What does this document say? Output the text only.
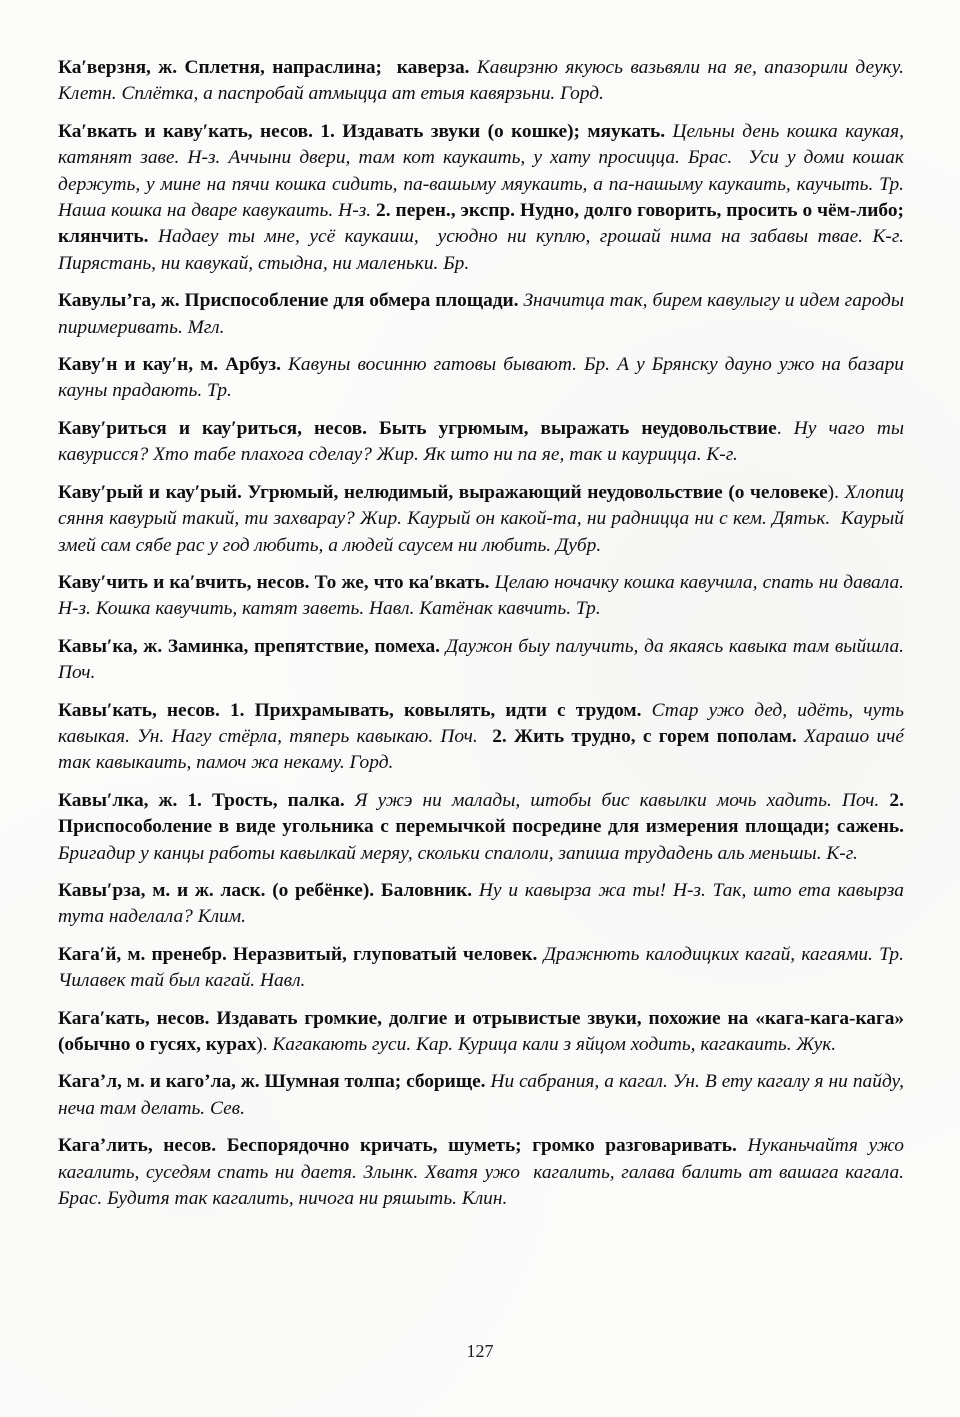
Ка′верзня, ж. Сплетня, напраслина;  каверза. Кавирзню якуюсь вазьвяли на яе, апазорили деуку. Клетн. Сплётка, а паспробай атмыцца ат етыя кавярзьни. Горд.

Ка′вкать и каву′кать, несов. 1. Издавать звуки (о кошке); мяукать. Цельны день кошка каукая, катянят заве. Н-з. Аччыни двери, там кот каукаить, у хату просицца. Брас.  Уси у доми кошак держуть, у мине на пячи кошка сидить, па-вашыму мяукаить, а па-нашыму каукаить, каучыть. Тр. Наша кошка на дваре кавукаить. Н-з. 2. перен., экспр. Нудно, долго говорить, просить о чём-либо; клянчить. Надаеу ты мне, усё каукаиш,  усюдно ни куплю, грошай нима на забавы твае. К-г. Пирястань, ни кавукай, стыдна, ни маленьки. Бр.

Кавулы’га, ж. Приспособление для обмера площади. Значитца так, бирем кавулыгу и идем гароды пиримеривать. Мгл.

Каву′н и кау′н, м. Арбуз. Кавуны восинню гатовы бывают. Бр. А у Брянску дауно ужо на базари кауны прадають. Тр.

Каву′риться и кау′риться, несов. Быть угрюмым, выражать неудовольствие. Ну чаго ты кавурисся? Хто табе плахога сделау? Жир. Як што ни па яе, так и каурицца. К-г.

Каву′рый и кау′рый. Угрюмый, нелюдимый, выражающий неудовольствие (о человеке). Хлопиц сяння кавурый такий, ти захварау? Жир. Каурый он какой-та, ни радницца ни с кем. Дятьк.  Каурый змей сам сябе рас у год любить, а людей саусем ни любить. Дубр.

Каву′чить и ка′вчить, несов. То же, что ка′вкать. Целаю ночачку кошка кавучила, спать ни давала. Н-з. Кошка кавучить, катят заветь. Навл. Катёнак кавчить. Тр.

Кавы′ка, ж. Заминка, препятствие, помеха. Даужон быу палучить, да якаясь кавыка там выйшла. Поч.

Кавы′кать, несов. 1. Прихрамывать, ковылять, идти с трудом. Стар ужо дед, идёть, чуть кавыкая. Ун. Нагу стёрла, тяперь кавыкаю. Поч. 2. Жить трудно, с горем пополам. Харашо ичé так кавыкаить, памоч жа некаму. Горд.

Кавы′лка, ж. 1. Трость, палка. Я ужэ ни малады, штобы бис кавылки мочь хадить. Поч. 2. Приспособоление в виде угольника с перемычкой посредине для измерения площади; сажень. Бригадир у канцы работы кавылкай меряу, скольки спалоли, запиша трудадень аль меньшы. К-г.

Кавы′рза, м. и ж. ласк. (о ребёнке). Баловник. Ну и кавырза жа ты! Н-з. Так, што ета кавырза тута наделала? Клим.

Кага′й, м. пренебр. Неразвитый, глуповатый человек. Дражнють калодицких кагай, кагаями. Тр. Чилавек тай был кагай. Навл.

Кага′кать, несов. Издавать громкие, долгие и отрывистые звуки, похожие на «кага-кага-кага» (обычно о гусях, курах). Кагакають гуси. Кар. Курица кали з яйцом ходить, кагакаить. Жук.

Кага’л, м. и каго’ла, ж. Шумная толпа; сборище. Ни сабрания, а кагал. Ун. В ету кагалу я ни пайду, неча там делать. Сев.

Кага’лить, несов. Беспорядочно кричать, шуметь; громко разговаривать. Нуканьчайтя ужо кагалить, суседям спать ни даетя. Злынк. Хватя ужо  кагалить, галава балить ат вашага кагала. Брас. Будитя так кагалить, ничога ни ряшыть. Клин.

127
